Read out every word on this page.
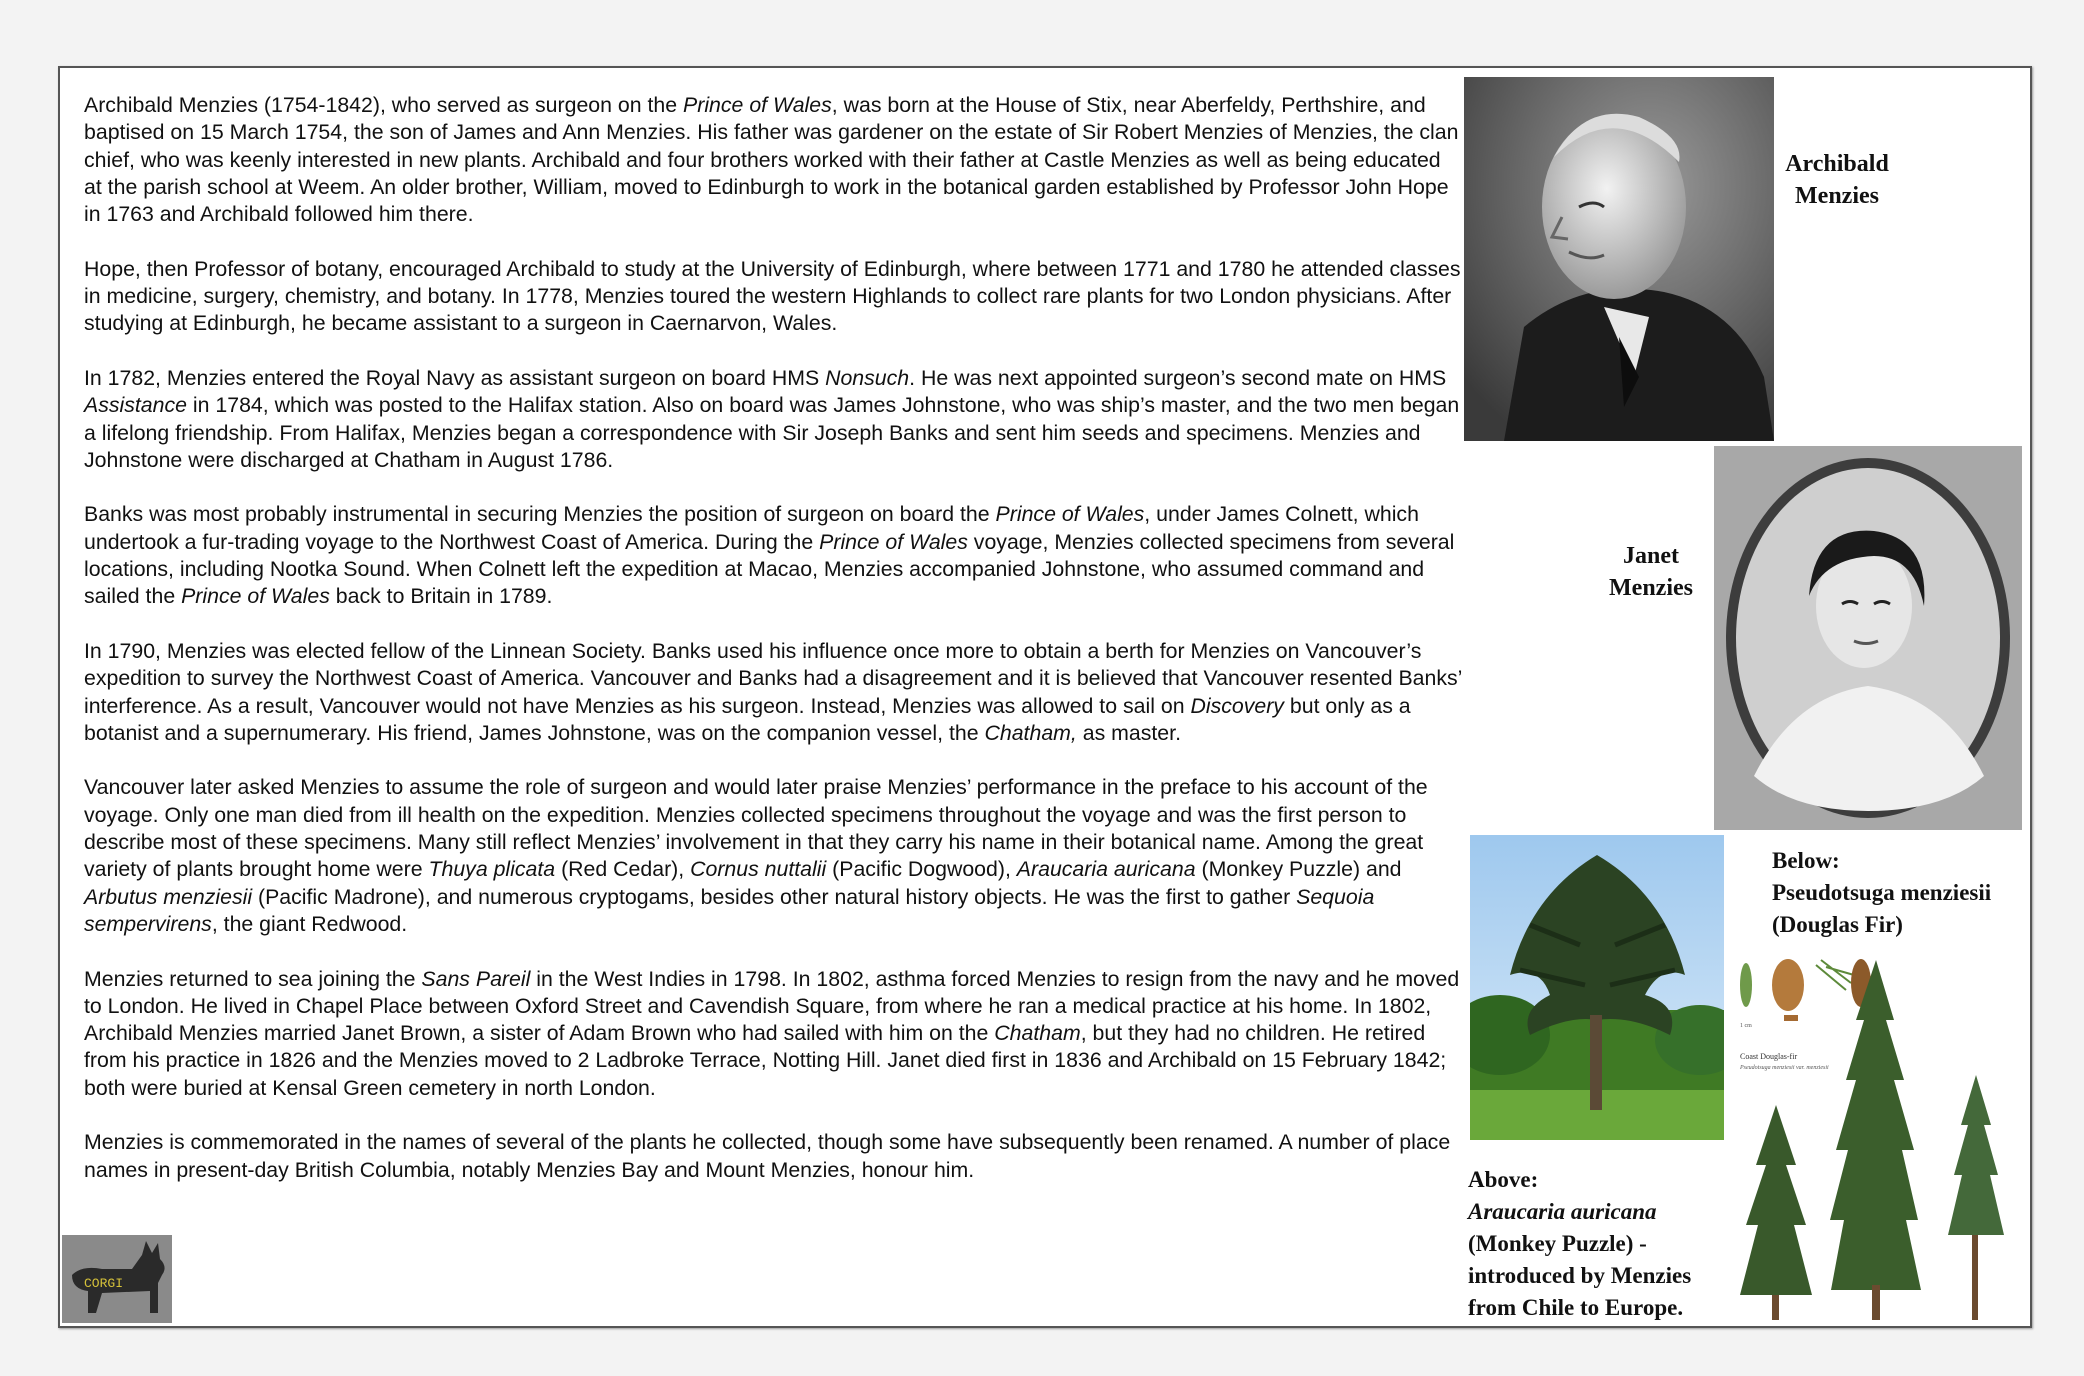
Archibald Menzies (1754-1842), who served as surgeon on the Prince of Wales, was born at the House of Stix, near Aberfeldy, Perthshire, and baptised on 15 March 1754, the son of James and Ann Menzies. His father was gardener on the estate of Sir Robert Menzies of Menzies, the clan chief, who was keenly interested in new plants. Archibald and four brothers worked with their father at Castle Menzies as well as being educated at the parish school at Weem. An older brother, William, moved to Edinburgh to work in the botanical garden established by Professor John Hope in 1763 and Archibald followed him there.

Hope, then Professor of botany, encouraged Archibald to study at the University of Edinburgh, where between 1771 and 1780 he attended classes in medicine, surgery, chemistry, and botany. In 1778, Menzies toured the western Highlands to collect rare plants for two London physicians. After studying at Edinburgh, he became assistant to a surgeon in Caernarvon, Wales.

In 1782, Menzies entered the Royal Navy as assistant surgeon on board HMS Nonsuch. He was next appointed surgeon’s second mate on HMS Assistance in 1784, which was posted to the Halifax station. Also on board was James Johnstone, who was ship’s master, and the two men began a lifelong friendship. From Halifax, Menzies began a correspondence with Sir Joseph Banks and sent him seeds and specimens. Menzies and Johnstone were discharged at Chatham in August 1786.

Banks was most probably instrumental in securing Menzies the position of surgeon on board the Prince of Wales, under James Colnett, which undertook a fur-trading voyage to the Northwest Coast of America. During the Prince of Wales voyage, Menzies collected specimens from several locations, including Nootka Sound. When Colnett left the expedition at Macao, Menzies accompanied Johnstone, who assumed command and sailed the Prince of Wales back to Britain in 1789.

In 1790, Menzies was elected fellow of the Linnean Society. Banks used his influence once more to obtain a berth for Menzies on Vancouver’s expedition to survey the Northwest Coast of America. Vancouver and Banks had a disagreement and it is believed that Vancouver resented Banks’ interference. As a result, Vancouver would not have Menzies as his surgeon. Instead, Menzies was allowed to sail on Discovery but only as a botanist and a supernumerary. His friend, James Johnstone, was on the companion vessel, the Chatham, as master.

Vancouver later asked Menzies to assume the role of surgeon and would later praise Menzies’ performance in the preface to his account of the voyage. Only one man died from ill health on the expedition. Menzies collected specimens throughout the voyage and was the first person to describe most of these specimens. Many still reflect Menzies’ involvement in that they carry his name in their botanical name. Among the great variety of plants brought home were Thuya plicata (Red Cedar), Cornus nuttalii (Pacific Dogwood), Araucaria auricana (Monkey Puzzle) and Arbutus menziesii (Pacific Madrone), and numerous cryptogams, besides other natural history objects. He was the first to gather Sequoia sempervirens, the giant Redwood.

Menzies returned to sea joining the Sans Pareil in the West Indies in 1798. In 1802, asthma forced Menzies to resign from the navy and he moved to London. He lived in Chapel Place between Oxford Street and Cavendish Square, from where he ran a medical practice at his home. In 1802, Archibald Menzies married Janet Brown, a sister of Adam Brown who had sailed with him on the Chatham, but they had no children. He retired from his practice in 1826 and the Menzies moved to 2 Ladbroke Terrace, Notting Hill. Janet died first in 1836 and Archibald on 15 February 1842; both were buried at Kensal Green cemetery in north London.

Menzies is commemorated in the names of several of the plants he collected, though some have subsequently been renamed. A number of place names in present-day British Columbia, notably Menzies Bay and Mount Menzies, honour him.

Archibald
Menzies
Janet
Menzies
Below:
Pseudotsuga menziesii
(Douglas Fir)
Coast Douglas-fir
Pseudotsuga menziesii var. menziesii
1 cm
Above:
Araucaria auricana
(Monkey Puzzle) -
introduced by Menzies
from Chile to Europe.
CORGI
